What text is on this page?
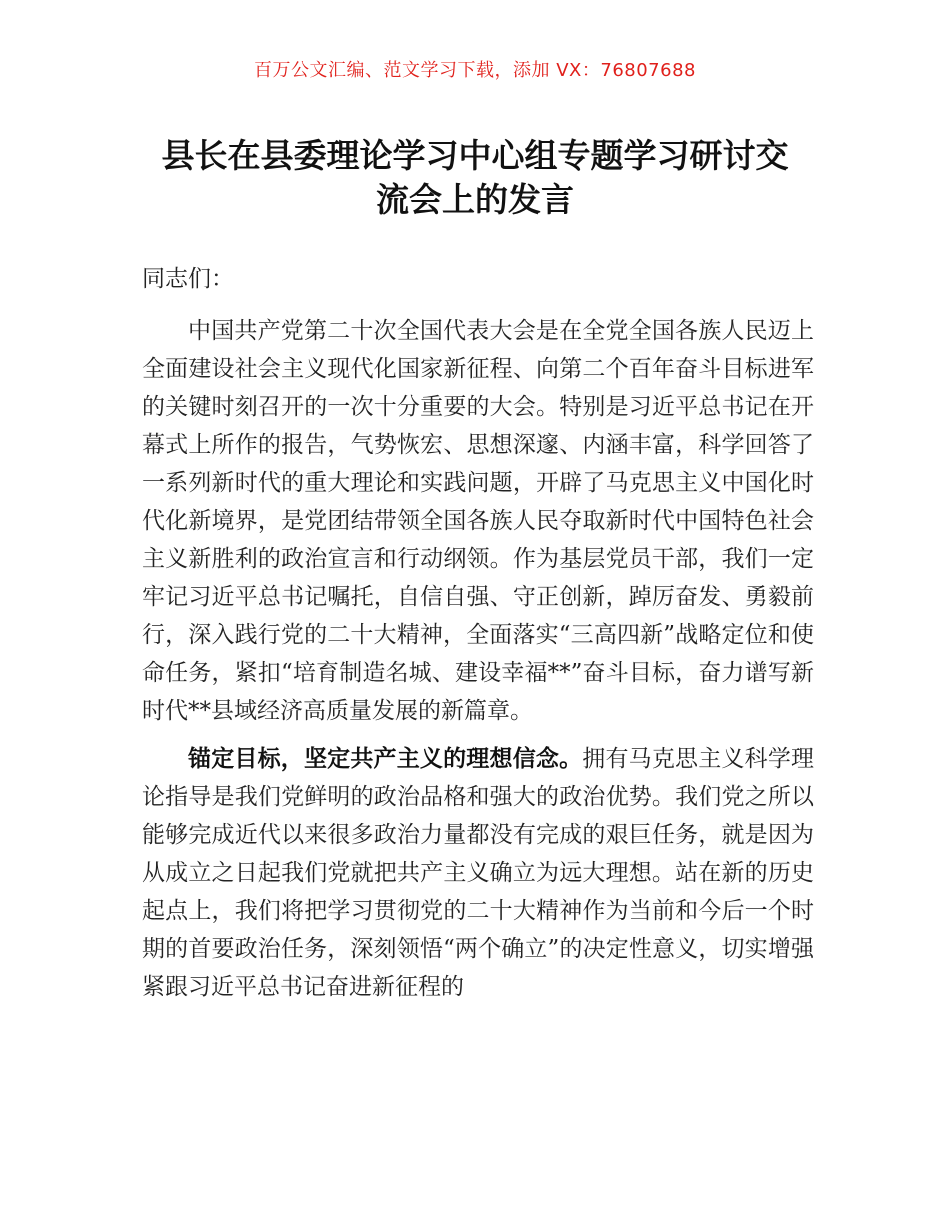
百万公文汇编、范文学习下载，添加 VX：76807688
县长在县委理论学习中心组专题学习研讨交
流会上的发言

同志们：

中国共产党第二十次全国代表大会是在全党全国各族人民迈上全面建设社会主义现代化国家新征程、向第二个百年奋斗目标进军的关键时刻召开的一次十分重要的大会。特别是习近平总书记在开幕式上所作的报告，气势恢宏、思想深邃、内涵丰富，科学回答了一系列新时代的重大理论和实践问题，开辟了马克思主义中国化时代化新境界，是党团结带领全国各族人民夺取新时代中国特色社会主义新胜利的政治宣言和行动纲领。作为基层党员干部，我们一定牢记习近平总书记嘱托，自信自强、守正创新，踔厉奋发、勇毅前行，深入践行党的二十大精神，全面落实“三高四新”战略定位和使命任务，紧扣“培育制造名城、建设幸福**”奋斗目标，奋力谱写新时代**县域经济高质量发展的新篇章。

锚定目标，坚定共产主义的理想信念。拥有马克思主义科学理论指导是我们党鲜明的政治品格和强大的政治优势。我们党之所以能够完成近代以来很多政治力量都没有完成的艰巨任务，就是因为从成立之日起我们党就把共产主义确立为远大理想。站在新的历史起点上，我们将把学习贯彻党的二十大精神作为当前和今后一个时期的首要政治任务，深刻领悟“两个确立”的决定性意义，切实增强紧跟习近平总书记奋进新征程的
